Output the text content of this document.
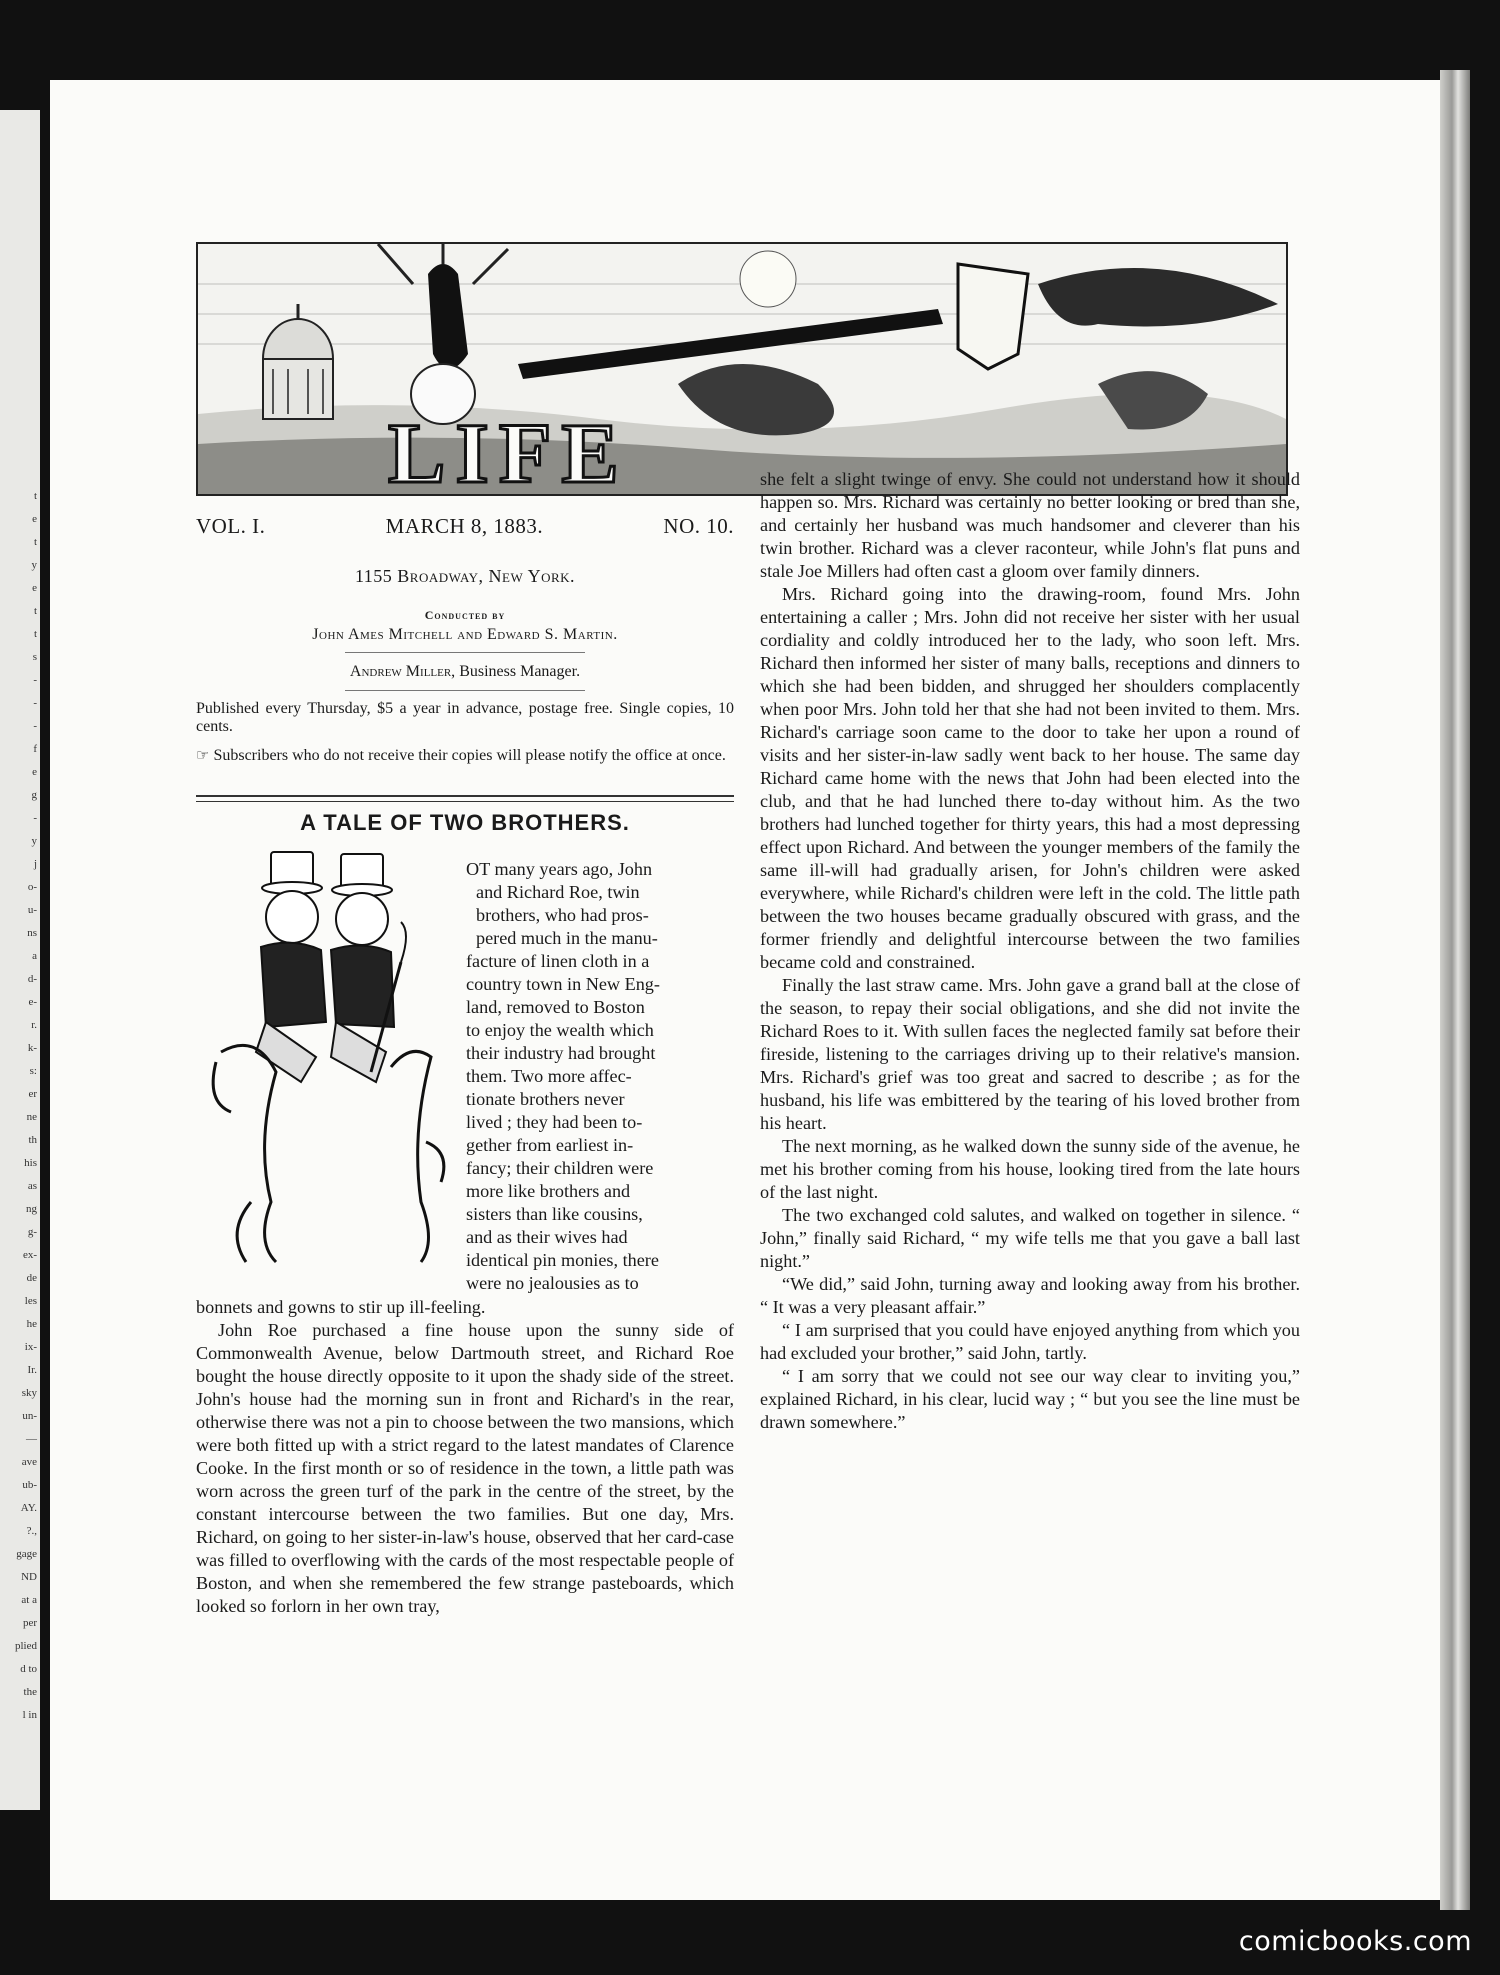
t
e
t
y
e
t
t
s
-
-
-
f
e
g
-
y
j
o-
u-
ns
a
d-
e-
r.
k-
s:
er
ne
th
his
as
ng
g-
ex-
de
les
he
ix-
Ir.
sky
un-
—
ave
ub-
AY.
?.,
gage
ND
at a
per
plied
d to
the
l in
LIFE
VOL. I.	MARCH 8, 1883.	NO. 10.
1155 Broadway, New York.
Conducted by
John Ames Mitchell and Edward S. Martin.
Andrew Miller, Business Manager.
Published every Thursday, $5 a year in advance, postage free. Single copies, 10 cents.
☞ Subscribers who do not receive their copies will please notify the office at once.
A TALE OF TWO BROTHERS.
OT many years ago, John
and Richard Roe, twin
brothers, who had pros-
pered much in the manu-
facture of linen cloth in a
country town in New Eng-
land, removed to Boston
to enjoy the wealth which
their industry had brought
them. Two more affec-
tionate brothers never
lived ; they had been to-
gether from earliest in-
fancy; their children were
more like brothers and
sisters than like cousins,
and as their wives had
identical pin monies, there
were no jealousies as to

bonnets and gowns to stir up ill-feeling.

John Roe purchased a fine house upon the sunny side of Commonwealth Avenue, below Dartmouth street, and Richard Roe bought the house directly opposite to it upon the shady side of the street. John's house had the morning sun in front and Richard's in the rear, otherwise there was not a pin to choose between the two mansions, which were both fitted up with a strict regard to the latest mandates of Clarence Cooke. In the first month or so of residence in the town, a little path was worn across the green turf of the park in the centre of the street, by the constant intercourse between the two families. But one day, Mrs. Richard, on going to her sister-in-law's house, observed that her card-case was filled to overflowing with the cards of the most respectable people of Boston, and when she remembered the few strange pasteboards, which looked so forlorn in her own tray,

she felt a slight twinge of envy. She could not understand how it should happen so. Mrs. Richard was certainly no better looking or bred than she, and certainly her husband was much handsomer and cleverer than his twin brother. Richard was a clever raconteur, while John's flat puns and stale Joe Millers had often cast a gloom over family dinners.

Mrs. Richard going into the drawing-room, found Mrs. John entertaining a caller ; Mrs. John did not receive her sister with her usual cordiality and coldly introduced her to the lady, who soon left. Mrs. Richard then informed her sister of many balls, receptions and dinners to which she had been bidden, and shrugged her shoulders complacently when poor Mrs. John told her that she had not been invited to them. Mrs. Richard's carriage soon came to the door to take her upon a round of visits and her sister-in-law sadly went back to her house. The same day Richard came home with the news that John had been elected into the club, and that he had lunched there to-day without him. As the two brothers had lunched together for thirty years, this had a most depressing effect upon Richard. And between the younger members of the family the same ill-will had gradually arisen, for John's children were asked everywhere, while Richard's children were left in the cold. The little path between the two houses became gradually obscured with grass, and the former friendly and delightful intercourse between the two families became cold and constrained.

Finally the last straw came. Mrs. John gave a grand ball at the close of the season, to repay their social obligations, and she did not invite the Richard Roes to it. With sullen faces the neglected family sat before their fireside, listening to the carriages driving up to their relative's mansion. Mrs. Richard's grief was too great and sacred to describe ; as for the husband, his life was embittered by the tearing of his loved brother from his heart.

The next morning, as he walked down the sunny side of the avenue, he met his brother coming from his house, looking tired from the late hours of the last night.

The two exchanged cold salutes, and walked on together in silence. “ John,” finally said Richard, “ my wife tells me that you gave a ball last night.”

“We did,” said John, turning away and looking away from his brother. “ It was a very pleasant affair.”

“ I am surprised that you could have enjoyed anything from which you had excluded your brother,” said John, tartly.

“ I am sorry that we could not see our way clear to inviting you,” explained Richard, in his clear, lucid way ; “ but you see the line must be drawn somewhere.”

comicbooks.com
